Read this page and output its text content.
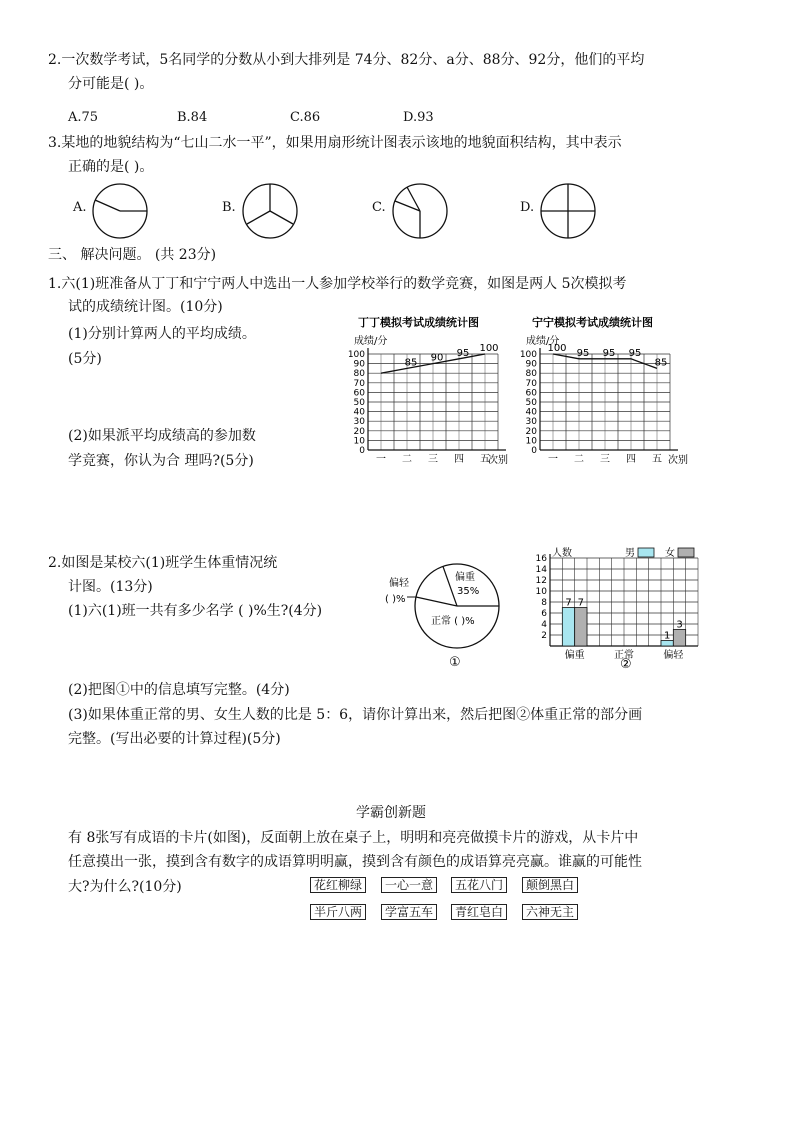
2.一次数学考试，5名同学的分数从小到大排列是 74分、82分、a分、88分、92分，他们的平均
分可能是( )。
A.75	B.84	C.86	D.93
3.某地的地貌结构为“七山二水一平”，如果用扇形统计图表示该地的地貌面积结构，其中表示
正确的是( )。
A.	B.	C.	D.
三、 解决问题。 (共 23分)
1.六(1)班准备从丁丁和宁宁两人中选出一人参加学校举行的数学竞赛，如图是两人 5次模拟考
试的成绩统计图。(10分)
(1)分别计算两人的平均成绩。
(5分)
(2)如果派平均成绩高的参加数
学竞赛，你认为合 理吗?(5分)
丁丁模拟考试成绩统计图
成绩/分
次别
0
10
20
30
40
50
60
70
80
90
100
一 二 三 四 五
85 90 95 100
宁宁模拟考试成绩统计图
成绩/分
次别
0
10
20
30
40
50
60
70
80
90
100
一 二 三 四 五
100 95 95 95
85
2.如图是某校六(1)班学生体重情况统
计图。(13分)
(1)六(1)班一共有多少名学 ( )%生?(4分)
偏轻
( )%
偏重
35%
正常 ( )%
①
人数
②
2
4
6
8
10
12
14
16
偏重
7 7
正常	偏轻
1
3
男	女
(2)把图①中的信息填写完整。(4分)
(3)如果体重正常的男、女生人数的比是 5：6，请你计算出来，然后把图②体重正常的部分画
完整。(写出必要的计算过程)(5分)
学霸创新题
有 8张写有成语的卡片(如图)，反面朝上放在桌子上，明明和亮亮做摸卡片的游戏，从卡片中
任意摸出一张，摸到含有数字的成语算明明赢，摸到含有颜色的成语算亮亮赢。谁赢的可能性
大?为什么?(10分)	花红柳绿	一心一意	五花八门	颠倒黑白
半斤八两	学富五车	青红皂白	六神无主
